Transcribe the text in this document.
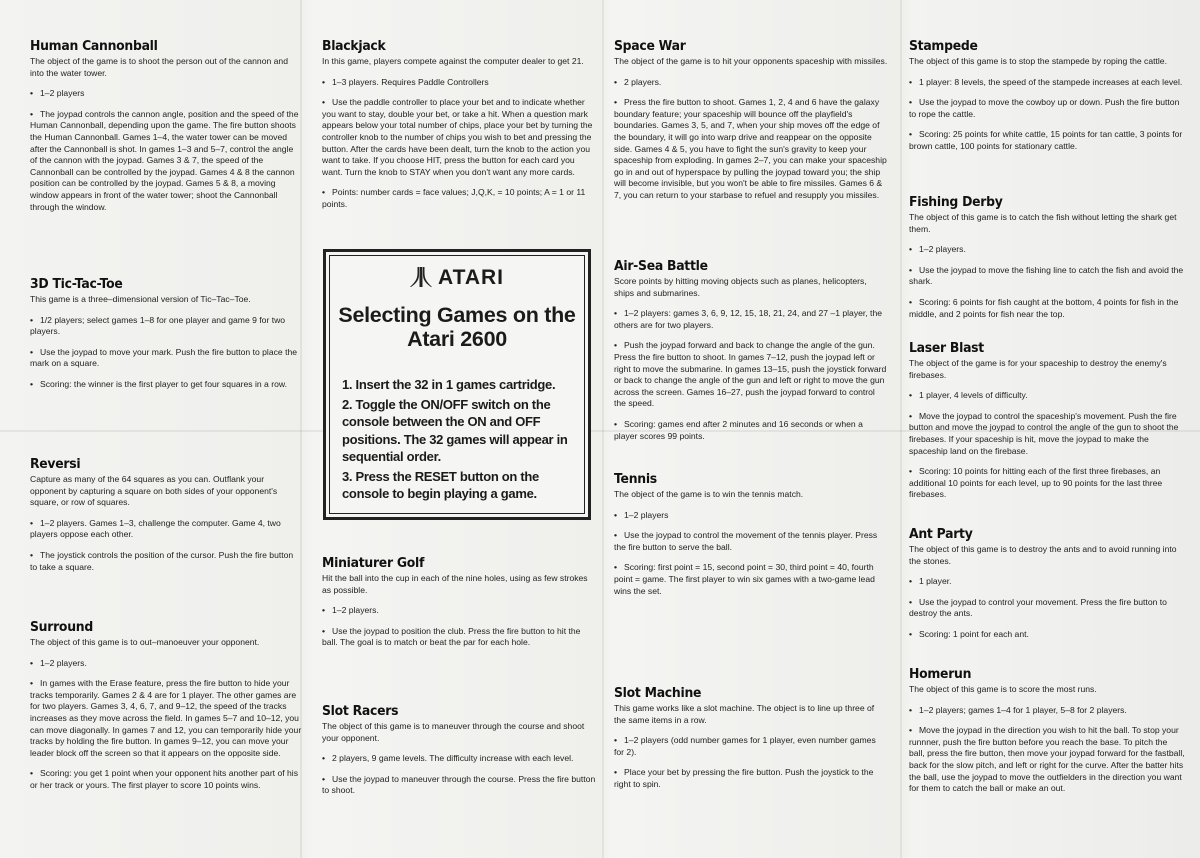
Human Cannonball

The object of the game is to shoot the person out of the cannon and into the water tower.

• 1–2 players

• The joypad controls the cannon angle, position and the speed of the Human Cannonball, depending upon the game. The fire button shoots the Human Cannonball. Games 1–4, the water tower can be moved after the Cannonball is shot. In games 1–3 and 5–7, control the angle of the cannon with the joypad. Games 3 & 7, the speed of the Cannonball can be controlled by the joypad. Games 4 & 8 the cannon position can be controlled by the joypad. Games 5 & 8, a moving window appears in front of the water tower; shoot the Cannonball through the window.

3D Tic-Tac-Toe

This game is a three–dimensional version of Tic–Tac–Toe.

• 1/2 players; select games 1–8 for one player and game 9 for two players.

• Use the joypad to move your mark. Push the fire button to place the mark on a square.

• Scoring: the winner is the first player to get four squares in a row.

Reversi

Capture as many of the 64 squares as you can. Outflank your opponent by capturing a square on both sides of your opponent's square, or row of squares.

• 1–2 players. Games 1–3, challenge the computer. Game 4, two players oppose each other.

• The joystick controls the position of the cursor. Push the fire button to take a square.

Surround

The object of this game is to out–manoeuver your opponent.

• 1–2 players.

• In games with the Erase feature, press the fire button to hide your tracks temporarily. Games 2 & 4 are for 1 player. The other games are for two players. Games 3, 4, 6, 7, and 9–12, the speed of the tracks increases as they move across the field. In games 5–7 and 10–12, you can move diagonally. In games 7 and 12, you can temporarily hide your tracks by holding the fire button. In games 9–12, you can move your leader block off the screen so that it appears on the opposite side.

• Scoring: you get 1 point when your opponent hits another part of his or her track or yours. The first player to score 10 points wins.

Blackjack

In this game, players compete against the computer dealer to get 21.

• 1–3 players. Requires Paddle Controllers

• Use the paddle controller to place your bet and to indicate whether you want to stay, double your bet, or take a hit. When a question mark appears below your total number of chips, place your bet by turning the controller knob to the number of chips you wish to bet and pressing the button. After the cards have been dealt, turn the knob to the action you want to take. If you choose HIT, press the button for each card you want. Turn the knob to STAY when you don't want any more cards.

• Points: number cards = face values; J,Q,K, = 10 points; A = 1 or 11 points.

Miniaturer Golf

Hit the ball into the cup in each of the nine holes, using as few strokes as possible.

• 1–2 players.

• Use the joypad to position the club. Press the fire button to hit the ball. The goal is to match or beat the par for each hole.

Slot Racers

The object of this game is to maneuver through the course and shoot your opponent.

• 2 players, 9 game levels. The difficulty increase with each level.

• Use the joypad to maneuver through the course. Press the fire button to shoot.

ATARI
Selecting Games on the Atari 2600
1. Insert the 32 in 1 games cartridge.
2. Toggle the ON/OFF switch on the console between the ON and OFF positions. The 32 games will appear in sequential order.
3. Press the RESET button on the console to begin playing a game.
Space War

The object of the game is to hit your opponents spaceship with missiles.

• 2 players.

• Press the fire button to shoot. Games 1, 2, 4 and 6 have the galaxy boundary feature; your spaceship will bounce off the playfield's boundaries. Games 3, 5, and 7, when your ship moves off the edge of the boundary, it will go into warp drive and reappear on the opposite side. Games 4 & 5, you have to fight the sun's gravity to keep your spaceship from exploding. In games 2–7, you can make your spaceship go in and out of hyperspace by pulling the joypad toward you; the ship will become invisible, but you won't be able to fire missiles. Games 6 & 7, you can return to your starbase to refuel and resupply you missiles.

Air-Sea Battle

Score points by hitting moving objects such as planes, helicopters, ships and submarines.

• 1–2 players: games 3, 6, 9, 12, 15, 18, 21, 24, and 27 –1 player, the others are for two players.

• Push the joypad forward and back to change the angle of the gun. Press the fire button to shoot. In games 7–12, push the joypad left or right to move the submarine. In games 13–15, push the joystick forward or back to change the angle of the gun and left or right to move the gun across the screen. Games 16–27, push the joypad forward to control the speed.

• Scoring: games end after 2 minutes and 16 seconds or when a player scores 99 points.

Tennis

The object of the game is to win the tennis match.

• 1–2 players

• Use the joypad to control the movement of the tennis player. Press the fire button to serve the ball.

• Scoring: first point = 15, second point = 30, third point = 40, fourth point = game. The first player to win six games with a two-game lead wins the set.

Slot Machine

This game works like a slot machine. The object is to line up three of the same items in a row.

• 1–2 players (odd number games for 1 player, even number games for 2).

• Place your bet by pressing the fire button. Push the joystick to the right to spin.

Stampede

The object of this game is to stop the stampede by roping the cattle.

• 1 player: 8 levels, the speed of the stampede increases at each level.

• Use the joypad to move the cowboy up or down. Push the fire button to rope the cattle.

• Scoring: 25 points for white cattle, 15 points for tan cattle, 3 points for brown cattle, 100 points for stationary cattle.

Fishing Derby

The object of this game is to catch the fish without letting the shark get them.

• 1–2 players.

• Use the joypad to move the fishing line to catch the fish and avoid the shark.

• Scoring: 6 points for fish caught at the bottom, 4 points for fish in the middle, and 2 points for fish near the top.

Laser Blast

The object of the game is for your spaceship to destroy the enemy's firebases.

• 1 player, 4 levels of difficulty.

• Move the joypad to control the spaceship's movement. Push the fire button and move the joypad to control the angle of the gun to shoot the firebases. If your spaceship is hit, move the joypad to make the spaceship land on the firebase.

• Scoring: 10 points for hitting each of the first three firebases, an additional 10 points for each level, up to 90 points for the last three firebases.

Ant Party

The object of this game is to destroy the ants and to avoid running into the stones.

• 1 player.

• Use the joypad to control your movement. Press the fire button to destroy the ants.

• Scoring: 1 point for each ant.

Homerun

The object of this game is to score the most runs.

• 1–2 players; games 1–4 for 1 player, 5–8 for 2 players.

• Move the joypad in the direction you wish to hit the ball. To stop your runnner, push the fire button before you reach the base. To pitch the ball, press the fire button, then move your joypad forward for the fastball, back for the slow pitch, and left or right for the curve. After the batter hits the ball, use the joypad to move the outfielders in the direction you want for them to catch the ball or make an out.
